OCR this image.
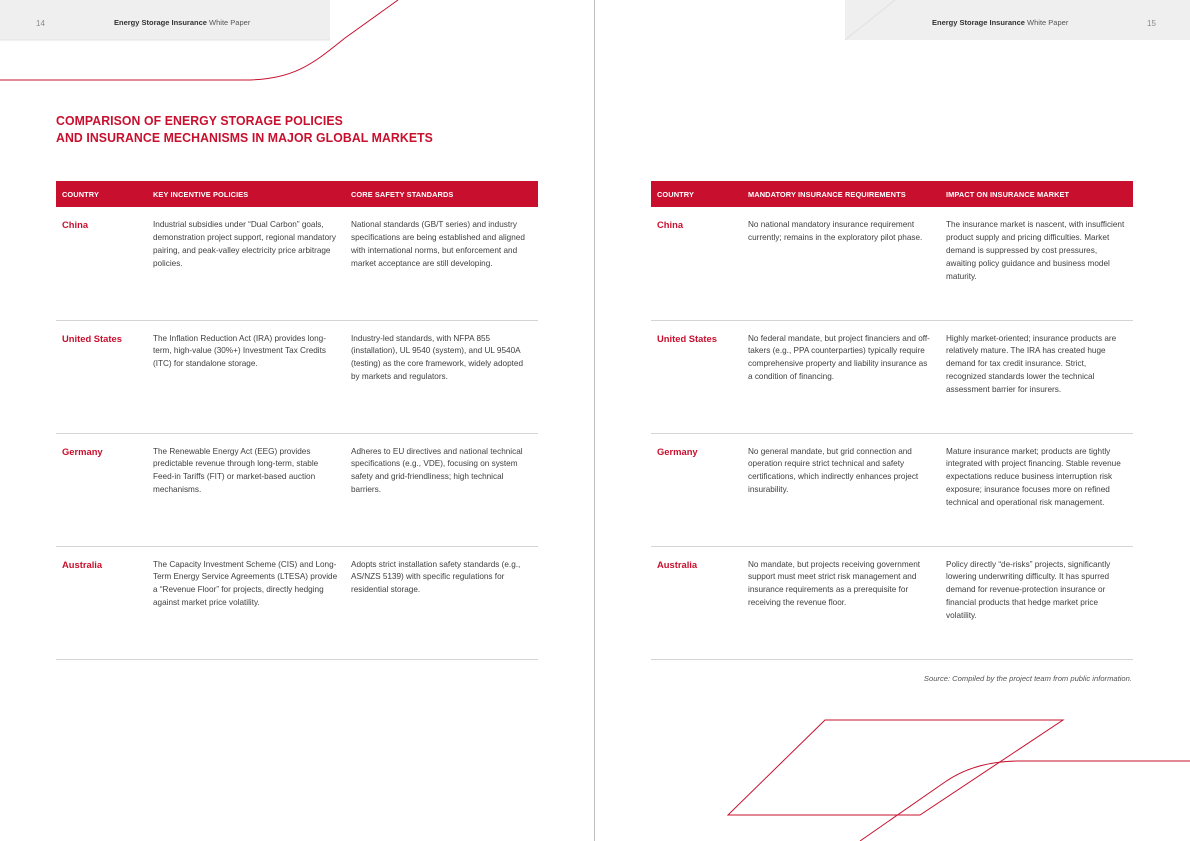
14	Energy Storage Insurance White Paper
COMPARISON OF ENERGY STORAGE POLICIES
AND INSURANCE MECHANISMS IN MAJOR GLOBAL MARKETS
COUNTRY	KEY INCENTIVE POLICIES	CORE SAFETY STANDARDS
China	Industrial subsidies under “Dual Carbon” goals, demonstration project support, regional mandatory pairing, and peak-valley electricity price arbitrage policies.	National standards (GB/T series) and industry specifications are being established and aligned with international norms, but enforcement and market acceptance are still developing.
United States	The Inflation Reduction Act (IRA) provides long-term, high-value (30%+) Investment Tax Credits (ITC) for standalone storage.	Industry-led standards, with NFPA 855 (installation), UL 9540 (system), and UL 9540A (testing) as the core framework, widely adopted by markets and regulators.
Germany	The Renewable Energy Act (EEG) provides predictable revenue through long-term, stable Feed-in Tariffs (FIT) or market-based auction mechanisms.	Adheres to EU directives and national technical specifications (e.g., VDE), focusing on system safety and grid-friendliness; high technical barriers.
Australia	The Capacity Investment Scheme (CIS) and Long-Term Energy Service Agreements (LTESA) provide a “Revenue Floor” for projects, directly hedging against market price volatility.	Adopts strict installation safety standards (e.g., AS/NZS 5139) with specific regulations for residential storage.
Energy Storage Insurance White Paper	15
COUNTRY	MANDATORY INSURANCE REQUIREMENTS	IMPACT ON INSURANCE MARKET
China	No national mandatory insurance requirement currently; remains in the exploratory pilot phase.	The insurance market is nascent, with insufficient product supply and pricing difficulties. Market demand is suppressed by cost pressures, awaiting policy guidance and business model maturity.
United States	No federal mandate, but project financiers and off-takers (e.g., PPA counterparties) typically require comprehensive property and liability insurance as a condition of financing.	Highly market-oriented; insurance products are relatively mature. The IRA has created huge demand for tax credit insurance. Strict, recognized standards lower the technical assessment barrier for insurers.
Germany	No general mandate, but grid connection and operation require strict technical and safety certifications, which indirectly enhances project insurability.	Mature insurance market; products are tightly integrated with project financing. Stable revenue expectations reduce business interruption risk exposure; insurance focuses more on refined technical and operational risk management.
Australia	No mandate, but projects receiving government support must meet strict risk management and insurance requirements as a prerequisite for receiving the revenue floor.	Policy directly “de-risks” projects, significantly lowering underwriting difficulty. It has spurred demand for revenue-protection insurance or financial products that hedge market price volatility.
Source: Compiled by the project team from public information.
